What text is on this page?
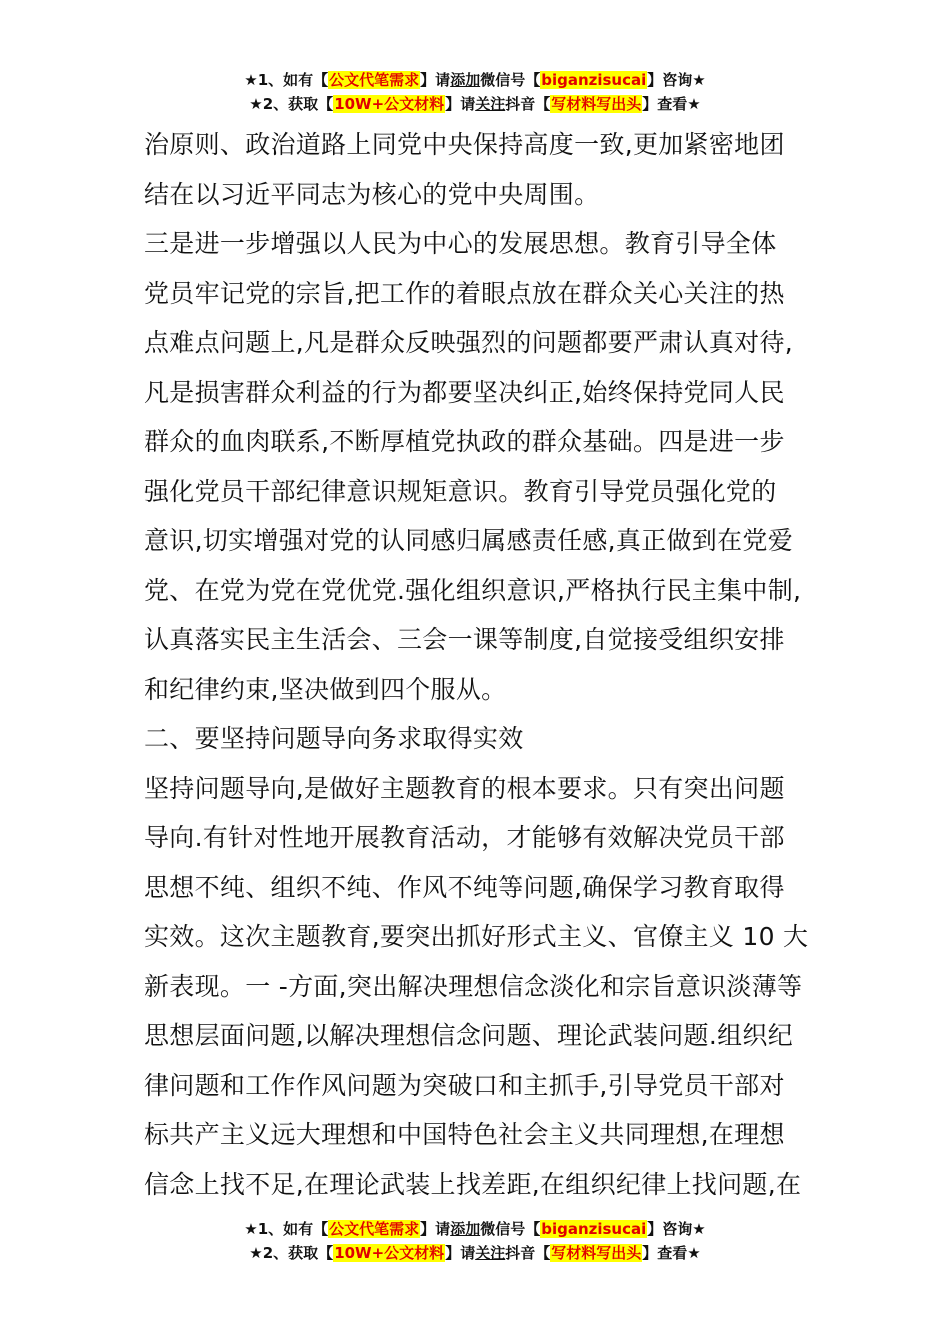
★1、如有【公文代笔需求】请添加微信号【biganzisucai】咨询★
★2、获取【10W+公文材料】请关注抖音【写材料写出头】查看★

治原则、政治道路上同党中央保持高度一致,更加紧密地团

结在以习近平同志为核心的党中央周围。

三是进一步增强以人民为中心的发展思想。教育引导全体

党员牢记党的宗旨,把工作的着眼点放在群众关心关注的热

点难点问题上,凡是群众反映强烈的问题都要严肃认真对待,

凡是损害群众利益的行为都要坚决纠正,始终保持党同人民

群众的血肉联系,不断厚植党执政的群众基础。四是进一步

强化党员干部纪律意识规矩意识。教育引导党员强化党的

意识,切实增强对党的认同感归属感责任感,真正做到在党爱

党、在党为党在党优党.强化组织意识,严格执行民主集中制,

认真落实民主生活会、三会一课等制度,自觉接受组织安排

和纪律约束,坚决做到四个服从。

二、要坚持问题导向务求取得实效

坚持问题导向,是做好主题教育的根本要求。只有突出问题

导向.有针对性地开展教育活动，才能够有效解决党员干部

思想不纯、组织不纯、作风不纯等问题,确保学习教育取得

实效。这次主题教育,要突出抓好形式主义、官僚主义 10 大

新表现。一 -方面,突出解决理想信念淡化和宗旨意识淡薄等

思想层面问题,以解决理想信念问题、理论武装问题.组织纪

律问题和工作作风问题为突破口和主抓手,引导党员干部对

标共产主义远大理想和中国特色社会主义共同理想,在理想

信念上找不足,在理论武装上找差距,在组织纪律上找问题,在

★1、如有【公文代笔需求】请添加微信号【biganzisucai】咨询★
★2、获取【10W+公文材料】请关注抖音【写材料写出头】查看★
